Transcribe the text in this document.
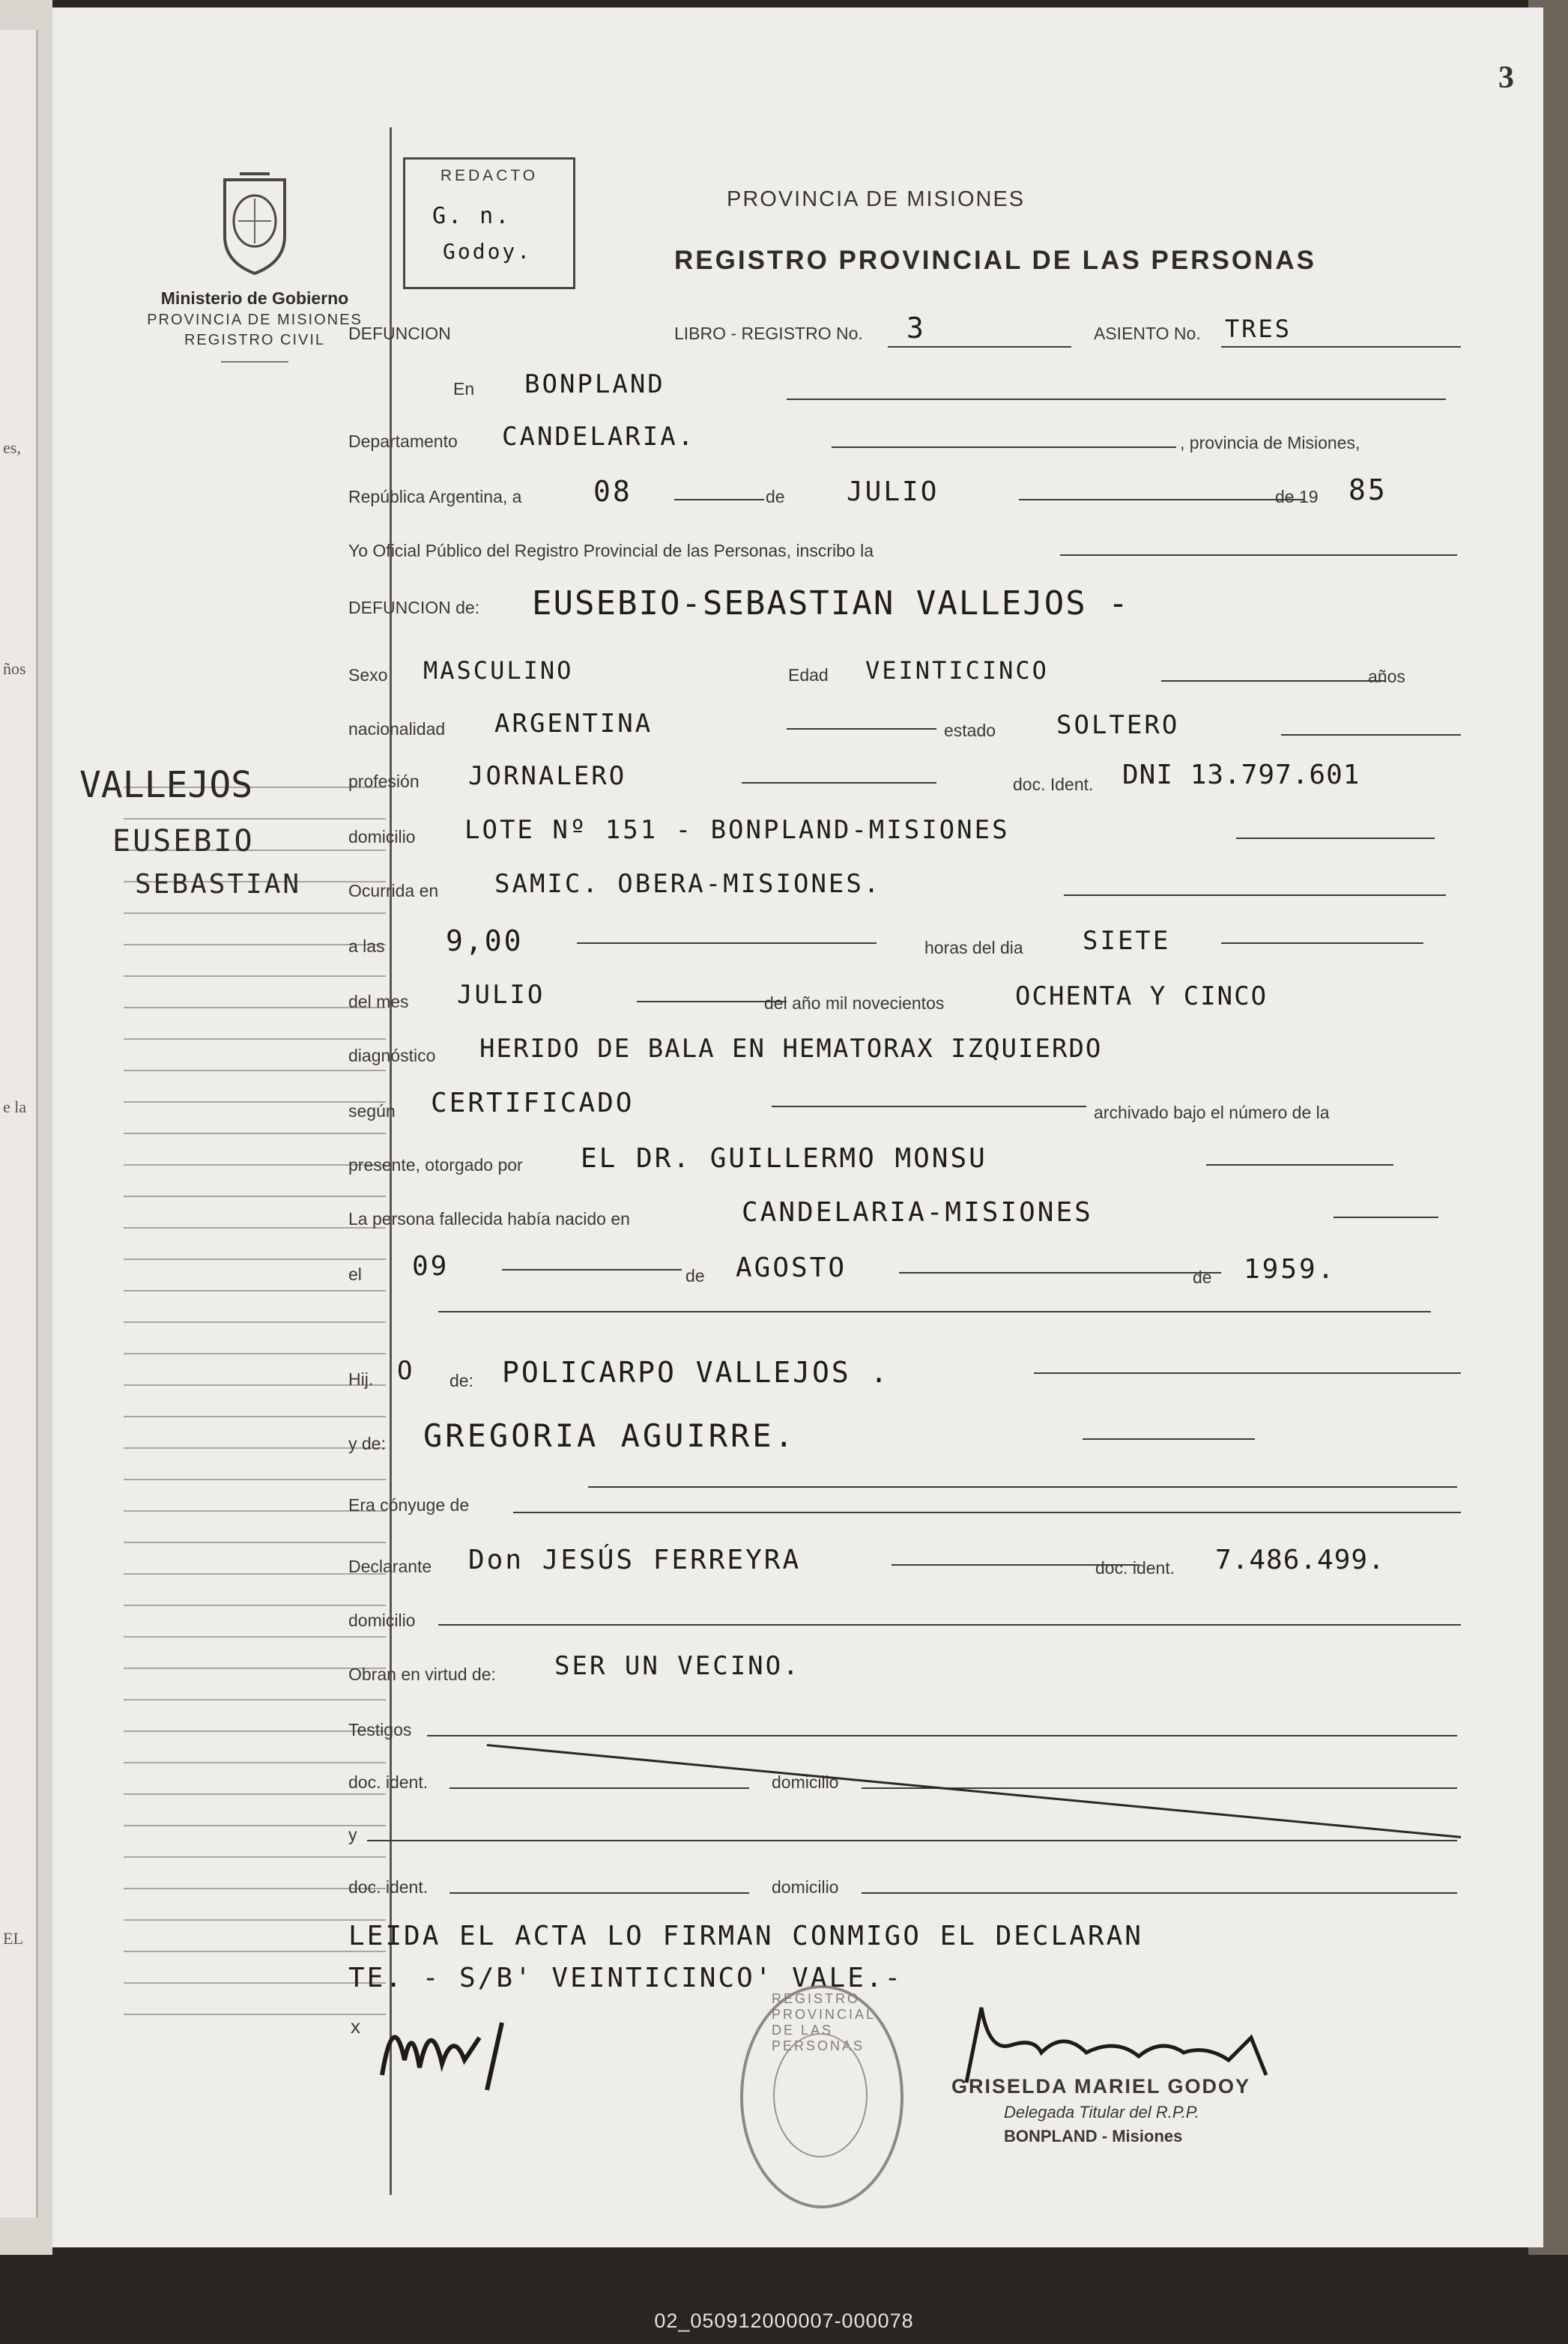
es,
ños
e la
EL
3
Ministerio de Gobierno
PROVINCIA DE MISIONES
REGISTRO CIVIL
VALLEJOS
EUSEBIO
SEBASTIAN
REDACTO
G. n.
Godoy.
PROVINCIA DE MISIONES
REGISTRO PROVINCIAL DE LAS PERSONAS
DEFUNCION	LIBRO - REGISTRO No. 3	ASIENTO No. TRES
En BONPLAND
Departamento CANDELARIA.	, provincia de Misiones,
República Argentina, a	08	de JULIO	de 19 85
Yo Oficial Público del Registro Provincial de las Personas, inscribo la
DEFUNCION de: EUSEBIO-SEBASTIAN VALLEJOS -
Sexo MASCULINO	Edad VEINTICINCO	años
nacionalidad ARGENTINA	estado SOLTERO
profesión JORNALERO	doc. Ident. DNI 13.797.601
domicilio LOTE Nº 151 - BONPLAND-MISIONES
Ocurrida en SAMIC. OBERA-MISIONES.
a las 9,00	horas del dia SIETE
del mes JULIO	del año mil novecientos	OCHENTA Y CINCO
diagnóstico HERIDO DE BALA EN HEMATORAX IZQUIERDO
según CERTIFICADO	archivado bajo el número de la
presente, otorgado por EL DR. GUILLERMO MONSU
La persona fallecida había nacido en	CANDELARIA-MISIONES
el 09	de AGOSTO	de 1959.
Hij. O de: POLICARPO VALLEJOS .
y de: GREGORIA AGUIRRE.
Era cónyuge de
Declarante Don JESÚS FERREYRA	doc. ident. 7.486.499.
domicilio
Obran en virtud de: SER UN VECINO.
Testigos
doc. ident.	domicilio
y
doc. ident.	domicilio
LEIDA EL ACTA LO FIRMAN CONMIGO EL DECLARAN
TE. - S/B' VEINTICINCO' VALE.-
x
REGISTRO PROVINCIAL DE LAS PERSONAS
GRISELDA MARIEL GODOY
Delegada Titular del R.P.P.
BONPLAND - Misiones
02_050912000007-000078
